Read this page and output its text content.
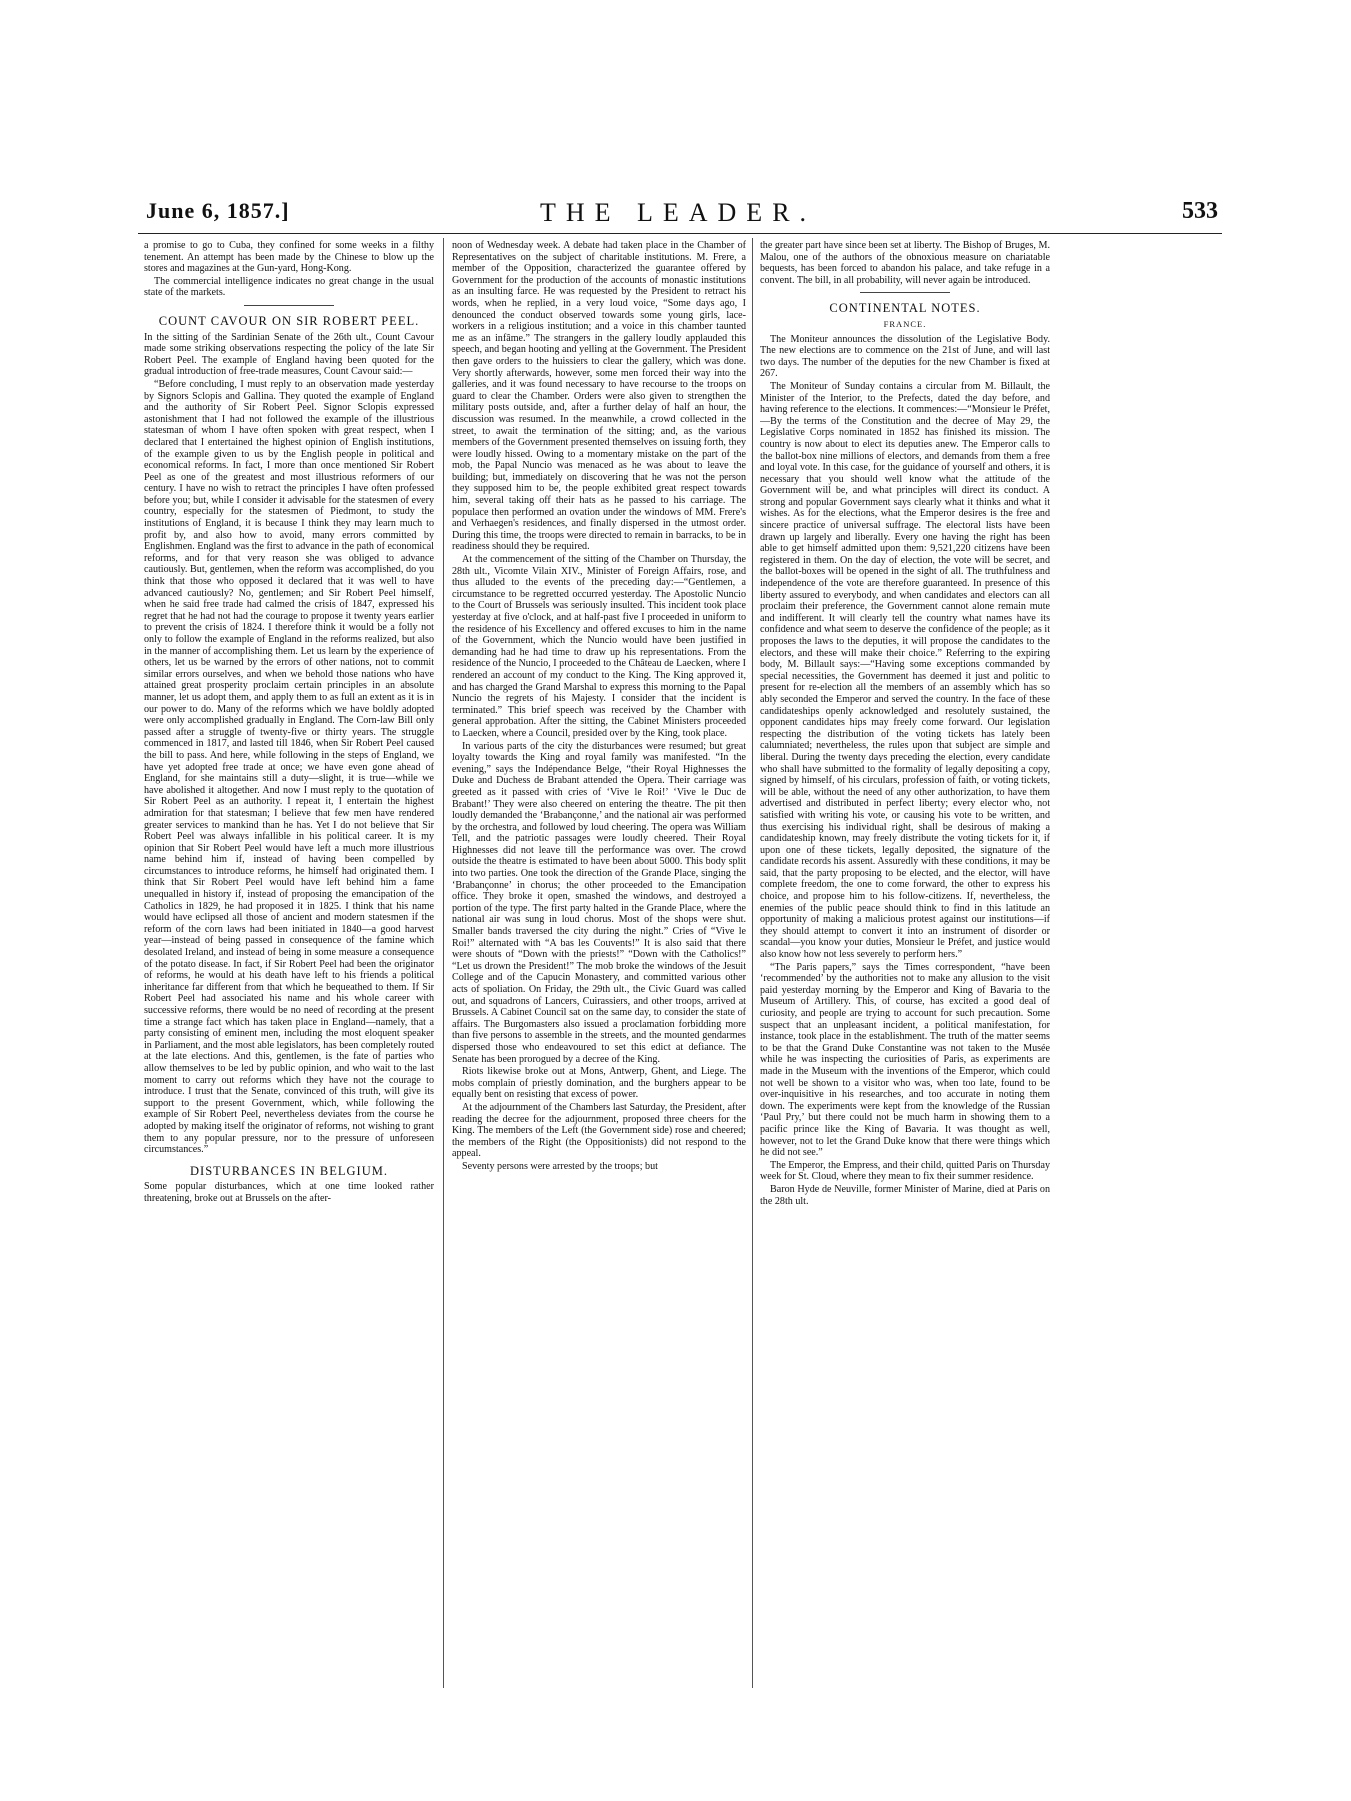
June 6, 1857.]	THE LEADER.	533

a promise to go to Cuba, they confined for some weeks in a filthy tenement. An attempt has been made by the Chinese to blow up the stores and magazines at the Gun-yard, Hong-Kong.

The commercial intelligence indicates no great change in the usual state of the markets.

COUNT CAVOUR ON SIR ROBERT PEEL.

In the sitting of the Sardinian Senate of the 26th ult., Count Cavour made some striking observations respecting the policy of the late Sir Robert Peel. The example of England having been quoted for the gradual introduction of free-trade measures, Count Cavour said:—

“Before concluding, I must reply to an observation made yesterday by Signors Sclopis and Gallina. They quoted the example of England and the authority of Sir Robert Peel. Signor Sclopis expressed astonishment that I had not followed the example of the illustrious statesman of whom I have often spoken with great respect, when I declared that I entertained the highest opinion of English institutions, of the example given to us by the English people in political and economical reforms. In fact, I more than once mentioned Sir Robert Peel as one of the greatest and most illustrious reformers of our century. I have no wish to retract the principles I have often professed before you; but, while I consider it advisable for the statesmen of every country, especially for the statesmen of Piedmont, to study the institutions of England, it is because I think they may learn much to profit by, and also how to avoid, many errors committed by Englishmen. England was the first to advance in the path of economical reforms, and for that very reason she was obliged to advance cautiously. But, gentlemen, when the reform was accomplished, do you think that those who opposed it declared that it was well to have advanced cautiously? No, gentlemen; and Sir Robert Peel himself, when he said free trade had calmed the crisis of 1847, expressed his regret that he had not had the courage to propose it twenty years earlier to prevent the crisis of 1824. I therefore think it would be a folly not only to follow the example of England in the reforms realized, but also in the manner of accomplishing them. Let us learn by the experience of others, let us be warned by the errors of other nations, not to commit similar errors ourselves, and when we behold those nations who have attained great prosperity proclaim certain principles in an absolute manner, let us adopt them, and apply them to as full an extent as it is in our power to do. Many of the reforms which we have boldly adopted were only accomplished gradually in England. The Corn-law Bill only passed after a struggle of twenty-five or thirty years. The struggle commenced in 1817, and lasted till 1846, when Sir Robert Peel caused the bill to pass. And here, while following in the steps of England, we have yet adopted free trade at once; we have even gone ahead of England, for she maintains still a duty—slight, it is true—while we have abolished it altogether. And now I must reply to the quotation of Sir Robert Peel as an authority. I repeat it, I entertain the highest admiration for that statesman; I believe that few men have rendered greater services to mankind than he has. Yet I do not believe that Sir Robert Peel was always infallible in his political career. It is my opinion that Sir Robert Peel would have left a much more illustrious name behind him if, instead of having been compelled by circumstances to introduce reforms, he himself had originated them. I think that Sir Robert Peel would have left behind him a fame unequalled in history if, instead of proposing the emancipation of the Catholics in 1829, he had proposed it in 1825. I think that his name would have eclipsed all those of ancient and modern statesmen if the reform of the corn laws had been initiated in 1840—a good harvest year—instead of being passed in consequence of the famine which desolated Ireland, and instead of being in some measure a consequence of the potato disease. In fact, if Sir Robert Peel had been the originator of reforms, he would at his death have left to his friends a political inheritance far different from that which he bequeathed to them. If Sir Robert Peel had associated his name and his whole career with successive reforms, there would be no need of recording at the present time a strange fact which has taken place in England—namely, that a party consisting of eminent men, including the most eloquent speaker in Parliament, and the most able legislators, has been completely routed at the late elections. And this, gentlemen, is the fate of parties who allow themselves to be led by public opinion, and who wait to the last moment to carry out reforms which they have not the courage to introduce. I trust that the Senate, convinced of this truth, will give its support to the present Government, which, while following the example of Sir Robert Peel, nevertheless deviates from the course he adopted by making itself the originator of reforms, not wishing to grant them to any popular pressure, nor to the pressure of unforeseen circumstances.”

DISTURBANCES IN BELGIUM.

Some popular disturbances, which at one time looked rather threatening, broke out at Brussels on the after-

noon of Wednesday week. A debate had taken place in the Chamber of Representatives on the subject of charitable institutions. M. Frere, a member of the Opposition, characterized the guarantee offered by Government for the production of the accounts of monastic institutions as an insulting farce. He was requested by the President to retract his words, when he replied, in a very loud voice, “Some days ago, I denounced the conduct observed towards some young girls, lace-workers in a religious institution; and a voice in this chamber taunted me as an infâme.” The strangers in the gallery loudly applauded this speech, and began hooting and yelling at the Government. The President then gave orders to the huissiers to clear the gallery, which was done. Very shortly afterwards, however, some men forced their way into the galleries, and it was found necessary to have recourse to the troops on guard to clear the Chamber. Orders were also given to strengthen the military posts outside, and, after a further delay of half an hour, the discussion was resumed. In the meanwhile, a crowd collected in the street, to await the termination of the sitting; and, as the various members of the Government presented themselves on issuing forth, they were loudly hissed. Owing to a momentary mistake on the part of the mob, the Papal Nuncio was menaced as he was about to leave the building; but, immediately on discovering that he was not the person they supposed him to be, the people exhibited great respect towards him, several taking off their hats as he passed to his carriage. The populace then performed an ovation under the windows of MM. Frere's and Verhaegen's residences, and finally dispersed in the utmost order. During this time, the troops were directed to remain in barracks, to be in readiness should they be required.

At the commencement of the sitting of the Chamber on Thursday, the 28th ult., Vicomte Vilain XIV., Minister of Foreign Affairs, rose, and thus alluded to the events of the preceding day:—“Gentlemen, a circumstance to be regretted occurred yesterday. The Apostolic Nuncio to the Court of Brussels was seriously insulted. This incident took place yesterday at five o'clock, and at half-past five I proceeded in uniform to the residence of his Excellency and offered excuses to him in the name of the Government, which the Nuncio would have been justified in demanding had he had time to draw up his representations. From the residence of the Nuncio, I proceeded to the Château de Laecken, where I rendered an account of my conduct to the King. The King approved it, and has charged the Grand Marshal to express this morning to the Papal Nuncio the regrets of his Majesty. I consider that the incident is terminated.” This brief speech was received by the Chamber with general approbation. After the sitting, the Cabinet Ministers proceeded to Laecken, where a Council, presided over by the King, took place.

In various parts of the city the disturbances were resumed; but great loyalty towards the King and royal family was manifested. “In the evening,” says the Indépendance Belge, “their Royal Highnesses the Duke and Duchess de Brabant attended the Opera. Their carriage was greeted as it passed with cries of ‘Vive le Roi!’ ‘Vive le Duc de Brabant!’ They were also cheered on entering the theatre. The pit then loudly demanded the ‘Brabançonne,’ and the national air was performed by the orchestra, and followed by loud cheering. The opera was William Tell, and the patriotic passages were loudly cheered. Their Royal Highnesses did not leave till the performance was over. The crowd outside the theatre is estimated to have been about 5000. This body split into two parties. One took the direction of the Grande Place, singing the ‘Brabançonne’ in chorus; the other proceeded to the Emancipation office. They broke it open, smashed the windows, and destroyed a portion of the type. The first party halted in the Grande Place, where the national air was sung in loud chorus. Most of the shops were shut. Smaller bands traversed the city during the night.” Cries of “Vive le Roi!” alternated with “A bas les Couvents!” It is also said that there were shouts of “Down with the priests!” “Down with the Catholics!” “Let us drown the President!” The mob broke the windows of the Jesuit College and of the Capucin Monastery, and committed various other acts of spoliation. On Friday, the 29th ult., the Civic Guard was called out, and squadrons of Lancers, Cuirassiers, and other troops, arrived at Brussels. A Cabinet Council sat on the same day, to consider the state of affairs. The Burgomasters also issued a proclamation forbidding more than five persons to assemble in the streets, and the mounted gendarmes dispersed those who endeavoured to set this edict at defiance. The Senate has been prorogued by a decree of the King.

Riots likewise broke out at Mons, Antwerp, Ghent, and Liege. The mobs complain of priestly domination, and the burghers appear to be equally bent on resisting that excess of power.

At the adjournment of the Chambers last Saturday, the President, after reading the decree for the adjournment, proposed three cheers for the King. The members of the Left (the Government side) rose and cheered; the members of the Right (the Oppositionists) did not respond to the appeal.

Seventy persons were arrested by the troops; but

the greater part have since been set at liberty. The Bishop of Bruges, M. Malou, one of the authors of the obnoxious measure on chariatable bequests, has been forced to abandon his palace, and take refuge in a convent. The bill, in all probability, will never again be introduced.

CONTINENTAL NOTES.
FRANCE.

The Moniteur announces the dissolution of the Legislative Body. The new elections are to commence on the 21st of June, and will last two days. The number of the deputies for the new Chamber is fixed at 267.

The Moniteur of Sunday contains a circular from M. Billault, the Minister of the Interior, to the Prefects, dated the day before, and having reference to the elections. It commences:—“Monsieur le Préfet,—By the terms of the Constitution and the decree of May 29, the Legislative Corps nominated in 1852 has finished its mission. The country is now about to elect its deputies anew. The Emperor calls to the ballot-box nine millions of electors, and demands from them a free and loyal vote. In this case, for the guidance of yourself and others, it is necessary that you should well know what the attitude of the Government will be, and what principles will direct its conduct. A strong and popular Government says clearly what it thinks and what it wishes. As for the elections, what the Emperor desires is the free and sincere practice of universal suffrage. The electoral lists have been drawn up largely and liberally. Every one having the right has been able to get himself admitted upon them: 9,521,220 citizens have been registered in them. On the day of election, the vote will be secret, and the ballot-boxes will be opened in the sight of all. The truthfulness and independence of the vote are therefore guaranteed. In presence of this liberty assured to everybody, and when candidates and electors can all proclaim their preference, the Government cannot alone remain mute and indifferent. It will clearly tell the country what names have its confidence and what seem to deserve the confidence of the people; as it proposes the laws to the deputies, it will propose the candidates to the electors, and these will make their choice.” Referring to the expiring body, M. Billault says:—“Having some exceptions commanded by special necessities, the Government has deemed it just and politic to present for re-election all the members of an assembly which has so ably seconded the Emperor and served the country. In the face of these candidateships openly acknowledged and resolutely sustained, the opponent candidates hips may freely come forward. Our legislation respecting the distribution of the voting tickets has lately been calumniated; nevertheless, the rules upon that subject are simple and liberal. During the twenty days preceding the election, every candidate who shall have submitted to the formality of legally depositing a copy, signed by himself, of his circulars, profession of faith, or voting tickets, will be able, without the need of any other authorization, to have them advertised and distributed in perfect liberty; every elector who, not satisfied with writing his vote, or causing his vote to be written, and thus exercising his individual right, shall be desirous of making a candidateship known, may freely distribute the voting tickets for it, if upon one of these tickets, legally deposited, the signature of the candidate records his assent. Assuredly with these conditions, it may be said, that the party proposing to be elected, and the elector, will have complete freedom, the one to come forward, the other to express his choice, and propose him to his follow-citizens. If, nevertheless, the enemies of the public peace should think to find in this latitude an opportunity of making a malicious protest against our institutions—if they should attempt to convert it into an instrument of disorder or scandal—you know your duties, Monsieur le Préfet, and justice would also know how not less severely to perform hers.”

“The Paris papers,” says the Times correspondent, “have been ‘recommended’ by the authorities not to make any allusion to the visit paid yesterday morning by the Emperor and King of Bavaria to the Museum of Artillery. This, of course, has excited a good deal of curiosity, and people are trying to account for such precaution. Some suspect that an unpleasant incident, a political manifestation, for instance, took place in the establishment. The truth of the matter seems to be that the Grand Duke Constantine was not taken to the Musée while he was inspecting the curiosities of Paris, as experiments are made in the Museum with the inventions of the Emperor, which could not well be shown to a visitor who was, when too late, found to be over-inquisitive in his researches, and too accurate in noting them down. The experiments were kept from the knowledge of the Russian ‘Paul Pry,’ but there could not be much harm in showing them to a pacific prince like the King of Bavaria. It was thought as well, however, not to let the Grand Duke know that there were things which he did not see.”

The Emperor, the Empress, and their child, quitted Paris on Thursday week for St. Cloud, where they mean to fix their summer residence.

Baron Hyde de Neuville, former Minister of Marine, died at Paris on the 28th ult.
